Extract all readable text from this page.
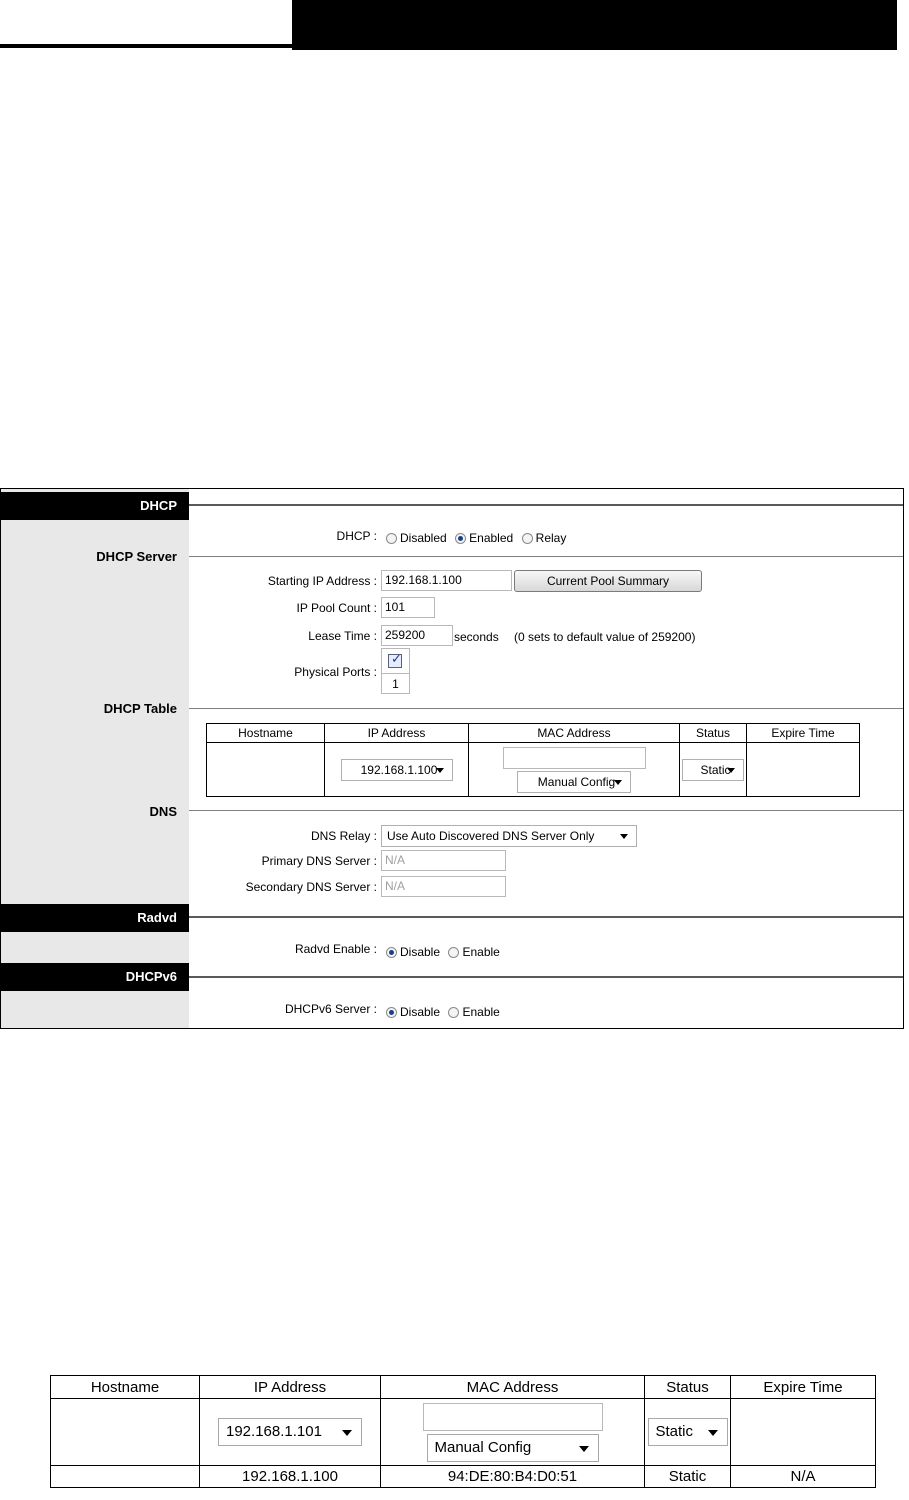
DHCP
DHCP :	Disabled Enabled Relay
DHCP Server
Starting IP Address : 192.168.1.100	Current Pool Summary
IP Pool Count : 101
Lease Time : 259200	seconds (0 sets to default value of 259200)
Physical Ports :
✓
1
DHCP Table
Hostname	IP Address	MAC Address	Status	Expire Time

	192.168.1.100	Manual Config	Static	

DNS
DNS Relay : Use Auto Discovered DNS Server Only
Primary DNS Server : N/A
Secondary DNS Server : N/A
Radvd
Radvd Enable :	Disable Enable
DHCPv6
DHCPv6 Server :	Disable Enable
Hostname	IP Address	MAC Address	Status	Expire Time

	192.168.1.101	Manual Config	Static	

	192.168.1.100	94:DE:80:B4:D0:51	Static	N/A
